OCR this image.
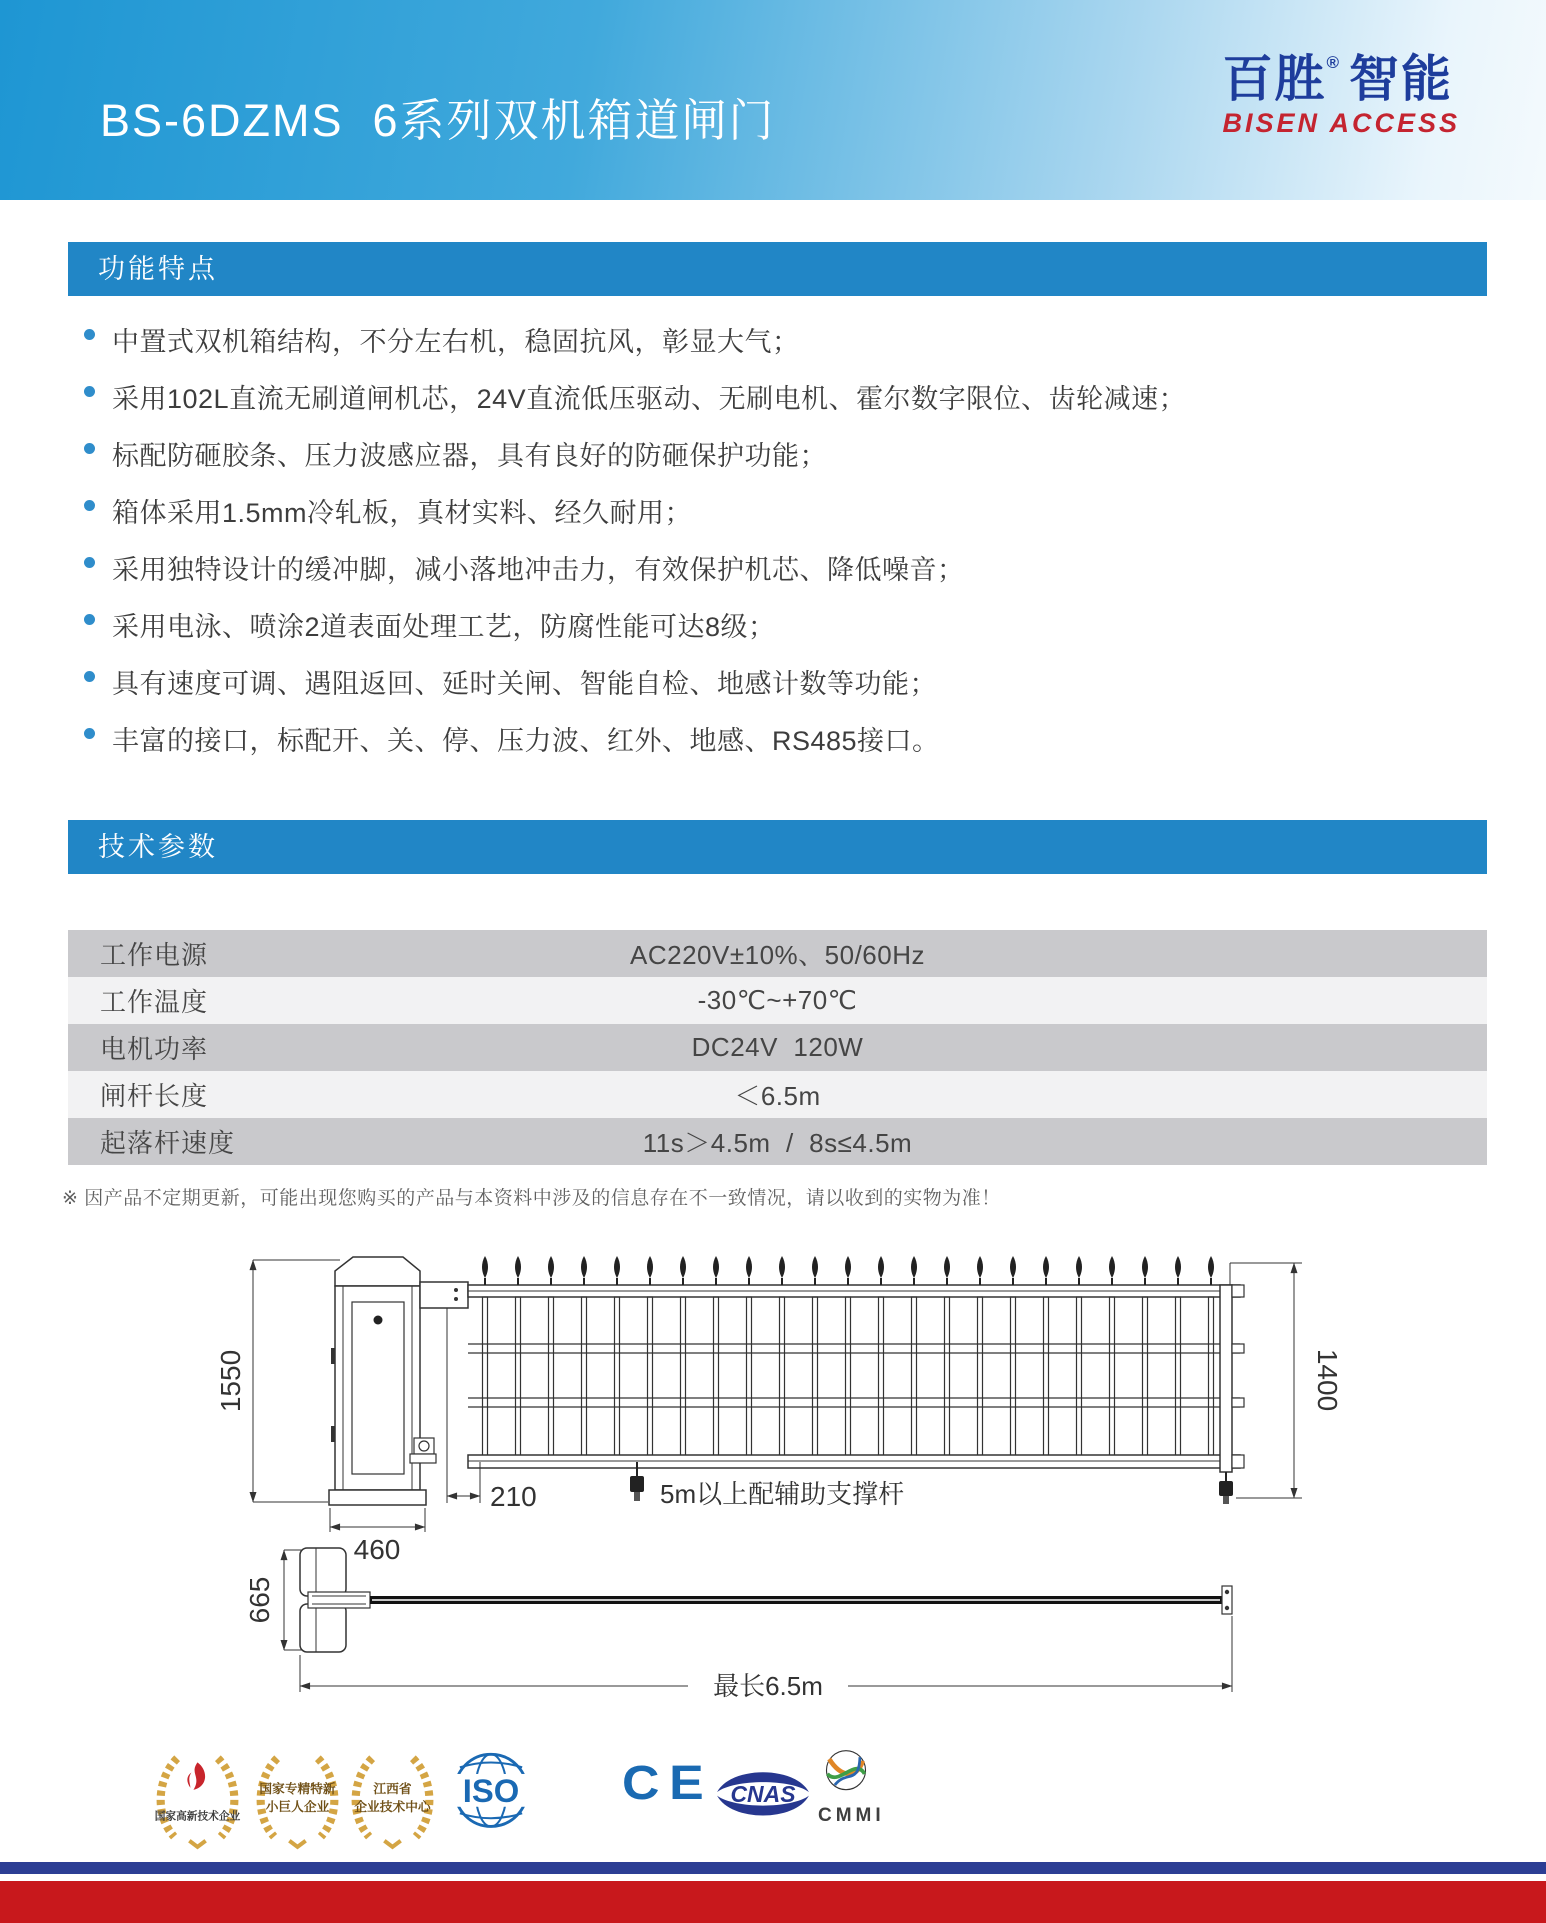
BS-6DZMS  6系列双机箱道闸门
百胜® 智能
BISEN ACCESS
功能特点
中置式双机箱结构，不分左右机，稳固抗风，彰显大气；
采用102L直流无刷道闸机芯，24V直流低压驱动、无刷电机、霍尔数字限位、齿轮减速；
标配防砸胶条、压力波感应器，具有良好的防砸保护功能；
箱体采用1.5mm冷轧板，真材实料、经久耐用；
采用独特设计的缓冲脚，减小落地冲击力，有效保护机芯、降低噪音；
采用电泳、喷涂2道表面处理工艺，防腐性能可达8级；
具有速度可调、遇阻返回、延时关闸、智能自检、地感计数等功能；
丰富的接口，标配开、关、停、压力波、红外、地感、RS485接口。
技术参数
工作电源	AC220V±10%、50/60Hz
工作温度	-30℃~+70℃
电机功率	DC24V  120W
闸杆长度	＜6.5m
起落杆速度	11s＞4.5m  /  8s≤4.5m
※ 因产品不定期更新，可能出现您购买的产品与本资料中涉及的信息存在不一致情况，请以收到的实物为准！
1550
460
210
1400
665
最长6.5m
5m以上配辅助支撑杆
国家高新技术企业
国家专精特新
小巨人企业
江西省
企业技术中心 ISO CE CNAS
CMMI
